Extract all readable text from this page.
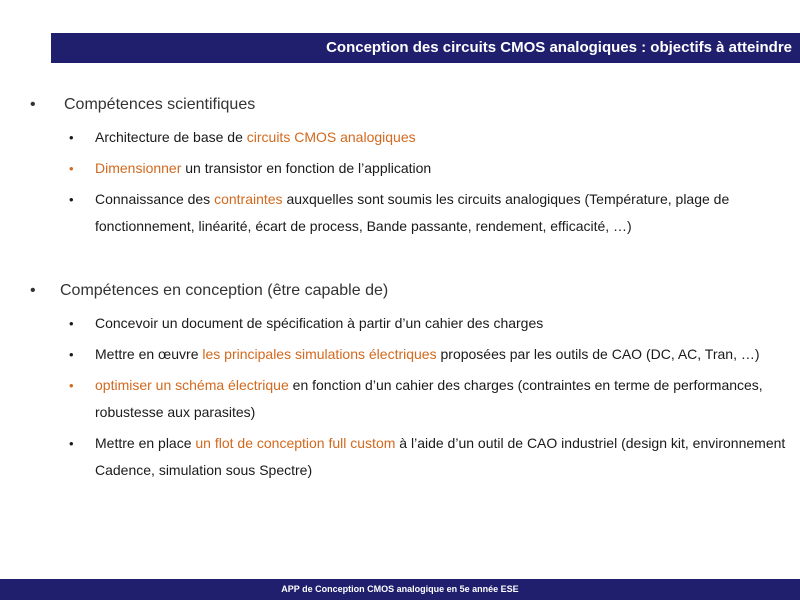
Conception des circuits CMOS analogiques : objectifs à atteindre
• Compétences scientifiques
• Architecture de base de circuits CMOS analogiques
• Dimensionner un transistor en fonction de l’application
• Connaissance des contraintes auxquelles sont soumis les circuits analogiques (Température, plage de fonctionnement, linéarité, écart de process, Bande passante, rendement, efficacité, …)
• Compétences en conception (être capable de)
• Concevoir un document de spécification à partir d’un cahier des charges
• Mettre en œuvre les principales simulations électriques proposées par les outils de CAO (DC, AC, Tran, …)
• optimiser un schéma électrique en fonction d’un cahier des charges (contraintes en terme de performances, robustesse aux parasites)
• Mettre en place un flot de conception full custom à l’aide d’un outil de CAO industriel (design kit, environnement Cadence, simulation sous Spectre)
APP de Conception CMOS analogique en 5e année ESE
